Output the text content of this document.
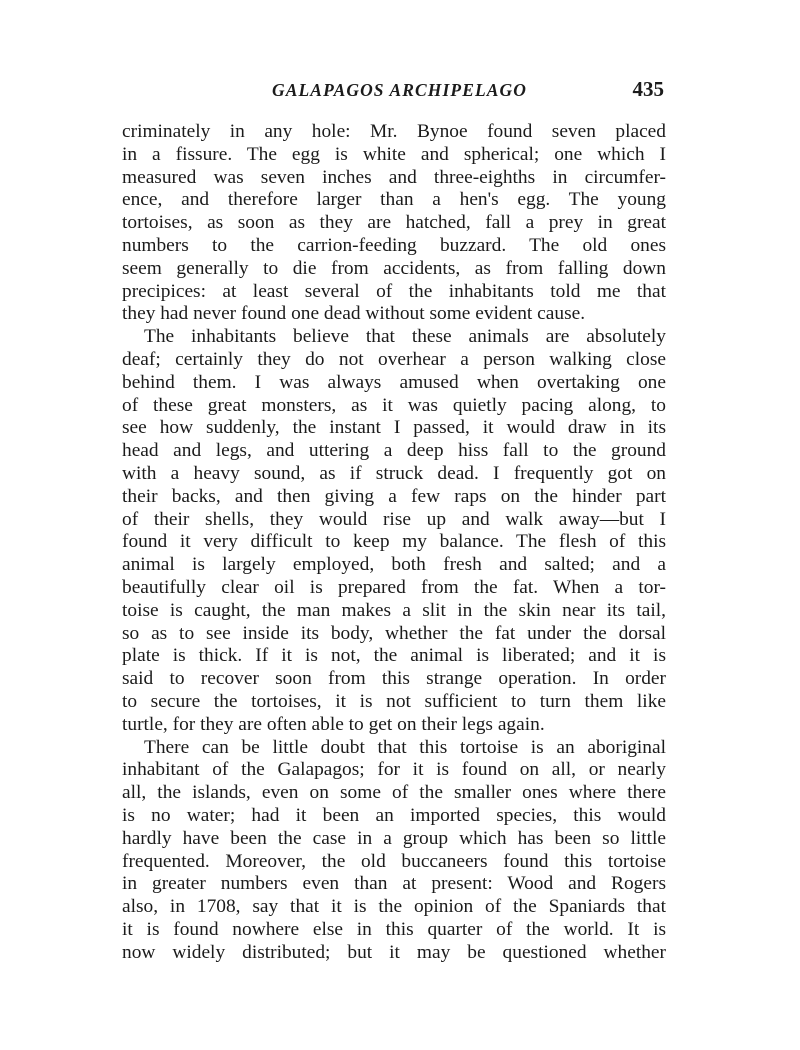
GALAPAGOS ARCHIPELAGO	435
criminately in any hole: Mr. Bynoe found seven placed
in a fissure. The egg is white and spherical; one which I
measured was seven inches and three-eighths in circumfer-
ence, and therefore larger than a hen's egg. The young
tortoises, as soon as they are hatched, fall a prey in great
numbers to the carrion-feeding buzzard. The old ones
seem generally to die from accidents, as from falling down
precipices: at least several of the inhabitants told me that
they had never found one dead without some evident cause.
The inhabitants believe that these animals are absolutely
deaf; certainly they do not overhear a person walking close
behind them. I was always amused when overtaking one
of these great monsters, as it was quietly pacing along, to
see how suddenly, the instant I passed, it would draw in its
head and legs, and uttering a deep hiss fall to the ground
with a heavy sound, as if struck dead. I frequently got on
their backs, and then giving a few raps on the hinder part
of their shells, they would rise up and walk away—but I
found it very difficult to keep my balance. The flesh of this
animal is largely employed, both fresh and salted; and a
beautifully clear oil is prepared from the fat. When a tor-
toise is caught, the man makes a slit in the skin near its tail,
so as to see inside its body, whether the fat under the dorsal
plate is thick. If it is not, the animal is liberated; and it is
said to recover soon from this strange operation. In order
to secure the tortoises, it is not sufficient to turn them like
turtle, for they are often able to get on their legs again.
There can be little doubt that this tortoise is an aboriginal
inhabitant of the Galapagos; for it is found on all, or nearly
all, the islands, even on some of the smaller ones where there
is no water; had it been an imported species, this would
hardly have been the case in a group which has been so little
frequented. Moreover, the old buccaneers found this tortoise
in greater numbers even than at present: Wood and Rogers
also, in 1708, say that it is the opinion of the Spaniards that
it is found nowhere else in this quarter of the world. It is
now widely distributed; but it may be questioned whether
